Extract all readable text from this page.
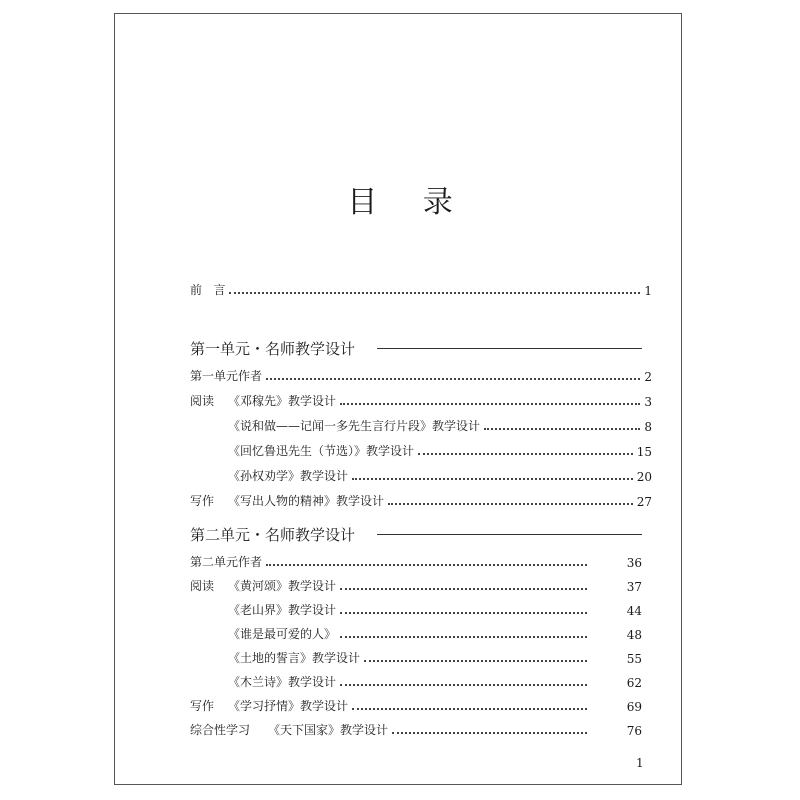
目 录
前   言	1
第一单元・名师教学设计
第一单元作者	2
阅读	《邓稼先》教学设计	3
《说和做——记闻一多先生言行片段》教学设计	8
《回忆鲁迅先生（节选）》教学设计	15
《孙权劝学》教学设计	20
写作	《写出人物的精神》教学设计	27
第二单元・名师教学设计
第二单元作者	36
阅读	《黄河颂》教学设计	37
《老山界》教学设计	44
《谁是最可爱的人》	48
《土地的誓言》教学设计	55
《木兰诗》教学设计	62
写作	《学习抒情》教学设计	69
综合性学习	《天下国家》教学设计	76
1
